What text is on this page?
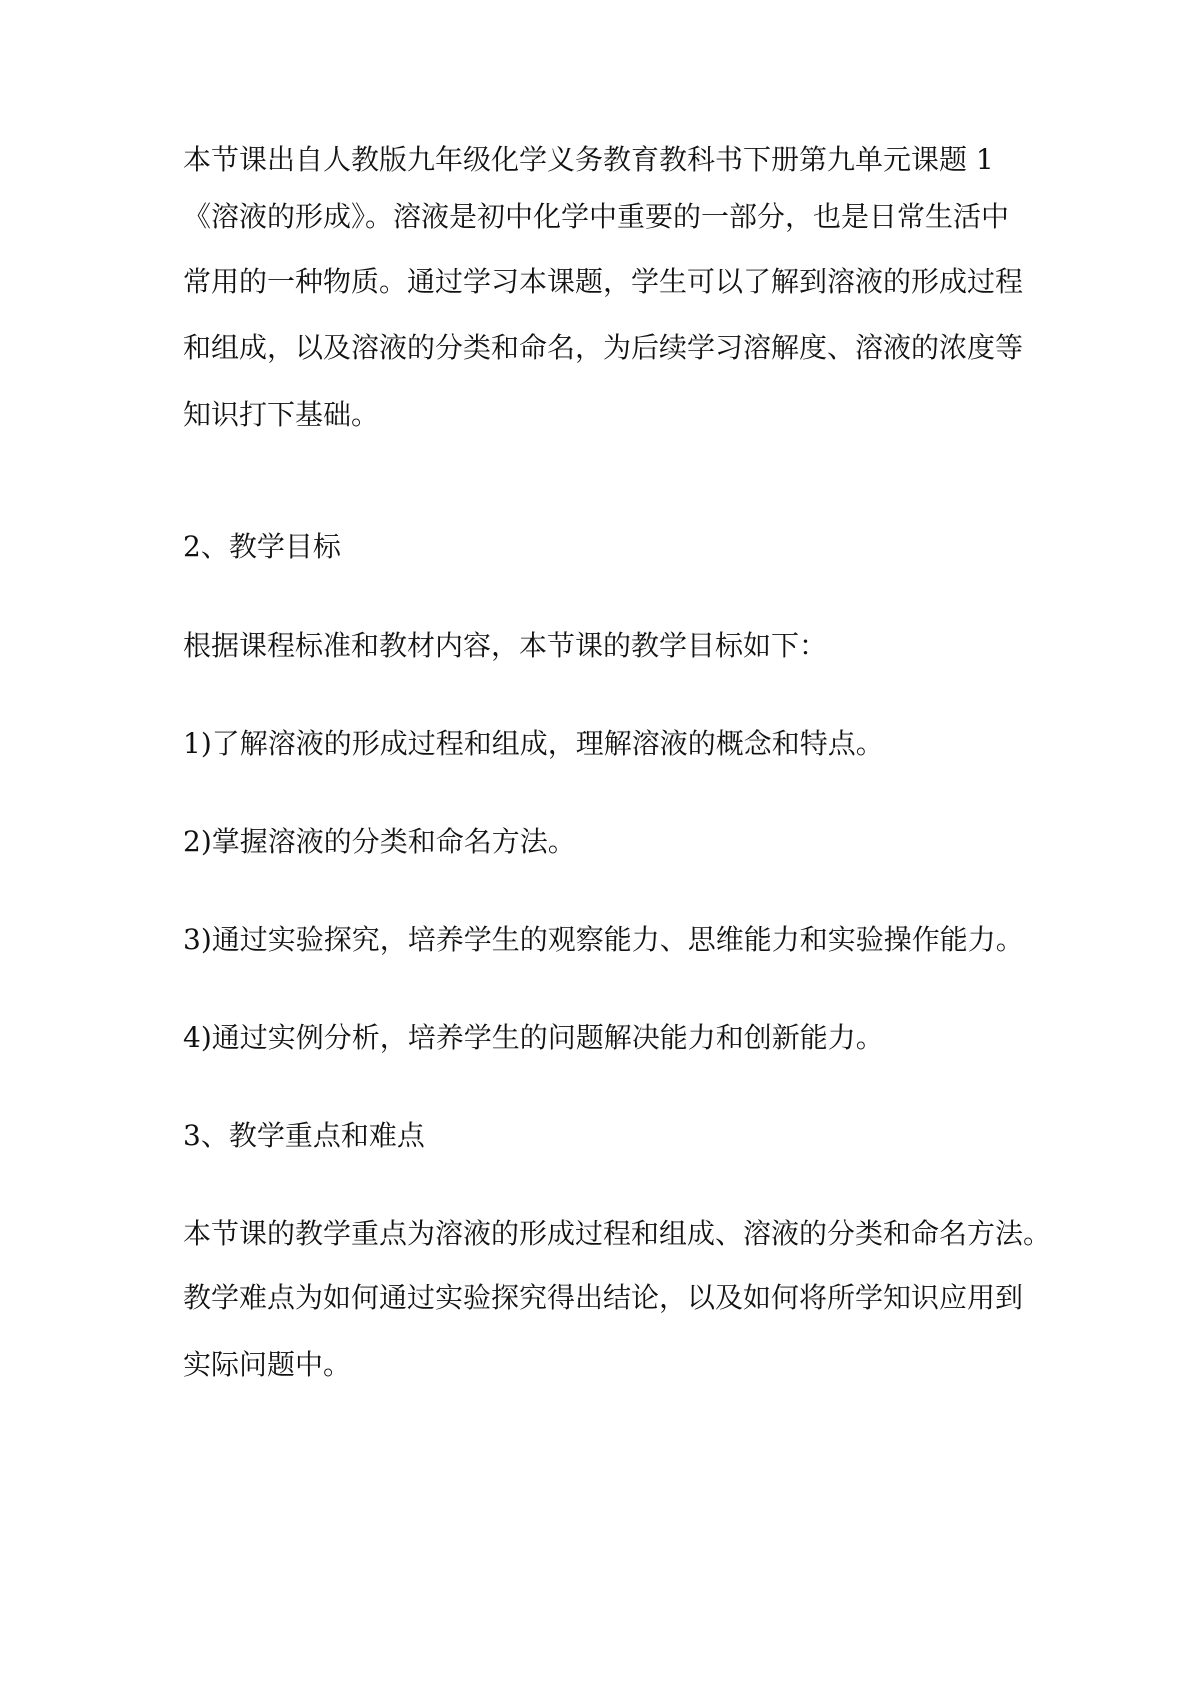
本节课出自人教版九年级化学义务教育教科书下册第九单元课题 1
《溶液的形成》。溶液是初中化学中重要的一部分，也是日常生活中
常用的一种物质。通过学习本课题，学生可以了解到溶液的形成过程
和组成，以及溶液的分类和命名，为后续学习溶解度、溶液的浓度等
知识打下基础。
2、教学目标
根据课程标准和教材内容，本节课的教学目标如下：
1)了解溶液的形成过程和组成，理解溶液的概念和特点。
2)掌握溶液的分类和命名方法。
3)通过实验探究，培养学生的观察能力、思维能力和实验操作能力。
4)通过实例分析，培养学生的问题解决能力和创新能力。
3、教学重点和难点
本节课的教学重点为溶液的形成过程和组成、溶液的分类和命名方法。
教学难点为如何通过实验探究得出结论，以及如何将所学知识应用到
实际问题中。
